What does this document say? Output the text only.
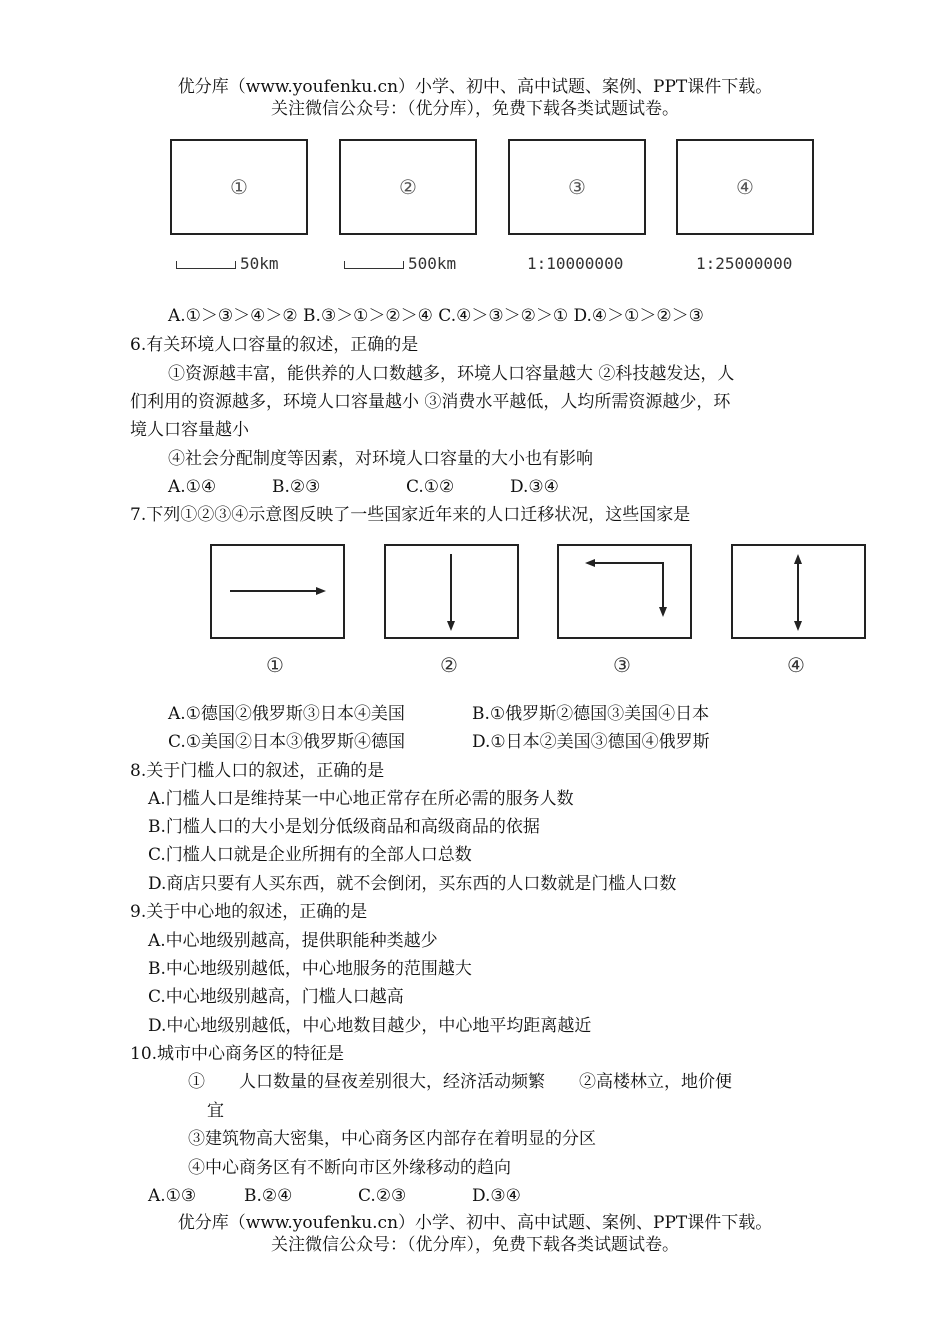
优分库（www.youfenku.cn）小学、初中、高中试题、案例、PPT课件下载。
关注微信公众号：（优分库），免费下载各类试题试卷。
①	②	③	④
50km	500km	1:10000000	1:25000000
A.①＞③＞④＞② B.③＞①＞②＞④ C.④＞③＞②＞① D.④＞①＞②＞③
6.有关环境人口容量的叙述，正确的是
①资源越丰富，能供养的人口数越多，环境人口容量越大 ②科技越发达，人
们利用的资源越多，环境人口容量越小 ③消费水平越低，人均所需资源越少，环
境人口容量越小
④社会分配制度等因素，对环境人口容量的大小也有影响
A.①④	B.②③	C.①②	D.③④
7.下列①②③④示意图反映了一些国家近年来的人口迁移状况，这些国家是
①	②	③	④
A.①德国②俄罗斯③日本④美国	B.①俄罗斯②德国③美国④日本
C.①美国②日本③俄罗斯④德国	D.①日本②美国③德国④俄罗斯
8.关于门槛人口的叙述，正确的是
A.门槛人口是维持某一中心地正常存在所必需的服务人数
B.门槛人口的大小是划分低级商品和高级商品的依据
C.门槛人口就是企业所拥有的全部人口总数
D.商店只要有人买东西，就不会倒闭，买东西的人口数就是门槛人口数
9.关于中心地的叙述，正确的是
A.中心地级别越高，提供职能种类越少
B.中心地级别越低，中心地服务的范围越大
C.中心地级别越高，门槛人口越高
D.中心地级别越低，中心地数目越少，中心地平均距离越近
10.城市中心商务区的特征是
①　　人口数量的昼夜差别很大，经济活动频繁　　②高楼林立，地价便
宜
③建筑物高大密集，中心商务区内部存在着明显的分区
④中心商务区有不断向市区外缘移动的趋向
A.①③	B.②④	C.②③	D.③④
优分库（www.youfenku.cn）小学、初中、高中试题、案例、PPT课件下载。
关注微信公众号：（优分库），免费下载各类试题试卷。
